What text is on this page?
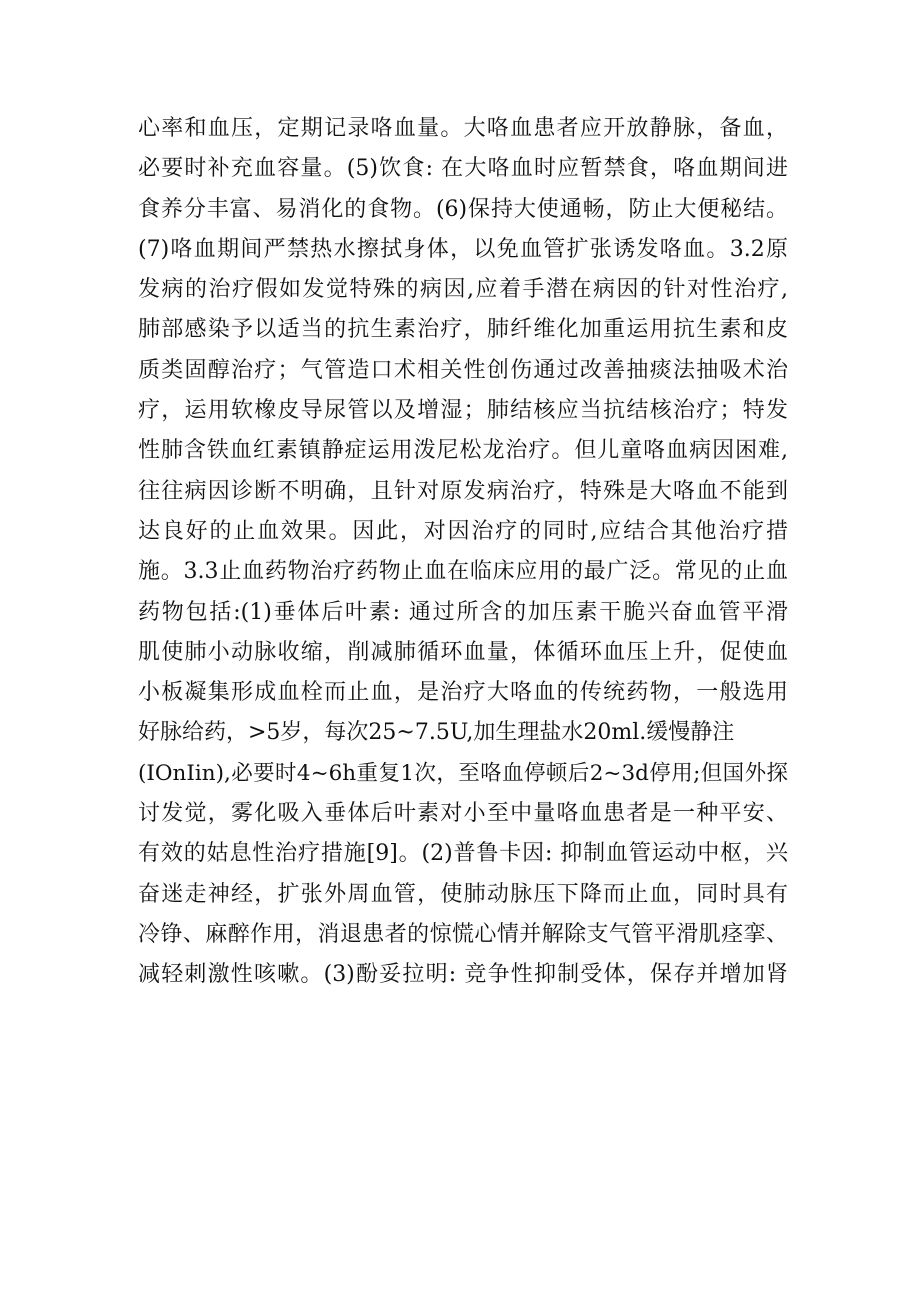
心率和血压，定期记录咯血量。大咯血患者应开放静脉，备血，
必要时补充血容量。(5)饮食: 在大咯血时应暂禁食，咯血期间进
食养分丰富、易消化的食物。(6)保持大使通畅，防止大便秘结。
(7)咯血期间严禁热水擦拭身体，以免血管扩张诱发咯血。3.2原
发病的治疗假如发觉特殊的病因,应着手潜在病因的针对性治疗,
肺部感染予以适当的抗生素治疗，肺纤维化加重运用抗生素和皮
质类固醇治疗；气管造口术相关性创伤通过改善抽痰法抽吸术治
疗，运用软橡皮导尿管以及增湿；肺结核应当抗结核治疗；特发
性肺含铁血红素镇静症运用泼尼松龙治疗。但儿童咯血病因困难,
往往病因诊断不明确，且针对原发病治疗，特殊是大咯血不能到
达良好的止血效果。因此，对因治疗的同时,应结合其他治疗措
施。3.3止血药物治疗药物止血在临床应用的最广泛。常见的止血
药物包括:(1)垂体后叶素: 通过所含的加压素干脆兴奋血管平滑
肌使肺小动脉收缩，削减肺循环血量，体循环血压上升，促使血
小板凝集形成血栓而止血，是治疗大咯血的传统药物，一般选用
好脉给药，>5岁，每次25~7.5U,加生理盐水20ml.缓慢静注
(IOnIin),必要时4~6h重复1次，至咯血停顿后2~3d停用;但国外探
讨发觉，雾化吸入垂体后叶素对小至中量咯血患者是一种平安、
有效的姑息性治疗措施[9]。(2)普鲁卡因: 抑制血管运动中枢，兴
奋迷走神经，扩张外周血管，使肺动脉压下降而止血，同时具有
冷铮、麻醉作用，消退患者的惊慌心情并解除支气管平滑肌痉挛、
减轻刺激性咳嗽。(3)酚妥拉明: 竞争性抑制受体，保存并增加肾
